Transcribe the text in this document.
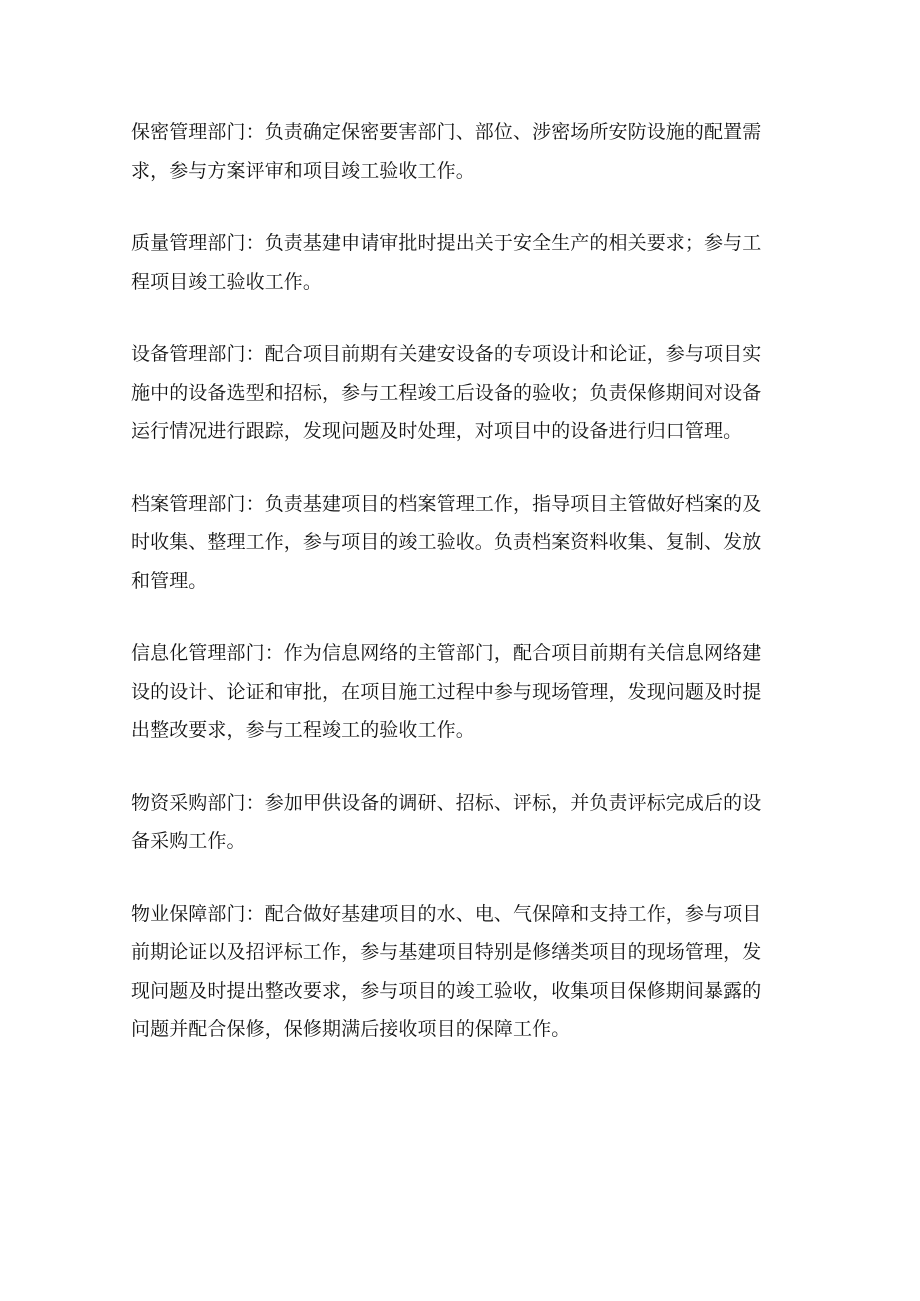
保密管理部门：负责确定保密要害部门、部位、涉密场所安防设施的配置需
求，参与方案评审和项目竣工验收工作。

质量管理部门：负责基建申请审批时提出关于安全生产的相关要求；参与工
程项目竣工验收工作。

设备管理部门：配合项目前期有关建安设备的专项设计和论证，参与项目实
施中的设备选型和招标，参与工程竣工后设备的验收；负责保修期间对设备
运行情况进行跟踪，发现问题及时处理，对项目中的设备进行归口管理。

档案管理部门：负责基建项目的档案管理工作，指导项目主管做好档案的及
时收集、整理工作，参与项目的竣工验收。负责档案资料收集、复制、发放
和管理。

信息化管理部门：作为信息网络的主管部门，配合项目前期有关信息网络建
设的设计、论证和审批，在项目施工过程中参与现场管理，发现问题及时提
出整改要求，参与工程竣工的验收工作。

物资采购部门：参加甲供设备的调研、招标、评标，并负责评标完成后的设
备采购工作。

物业保障部门：配合做好基建项目的水、电、气保障和支持工作，参与项目
前期论证以及招评标工作，参与基建项目特别是修缮类项目的现场管理，发
现问题及时提出整改要求，参与项目的竣工验收，收集项目保修期间暴露的
问题并配合保修，保修期满后接收项目的保障工作。
